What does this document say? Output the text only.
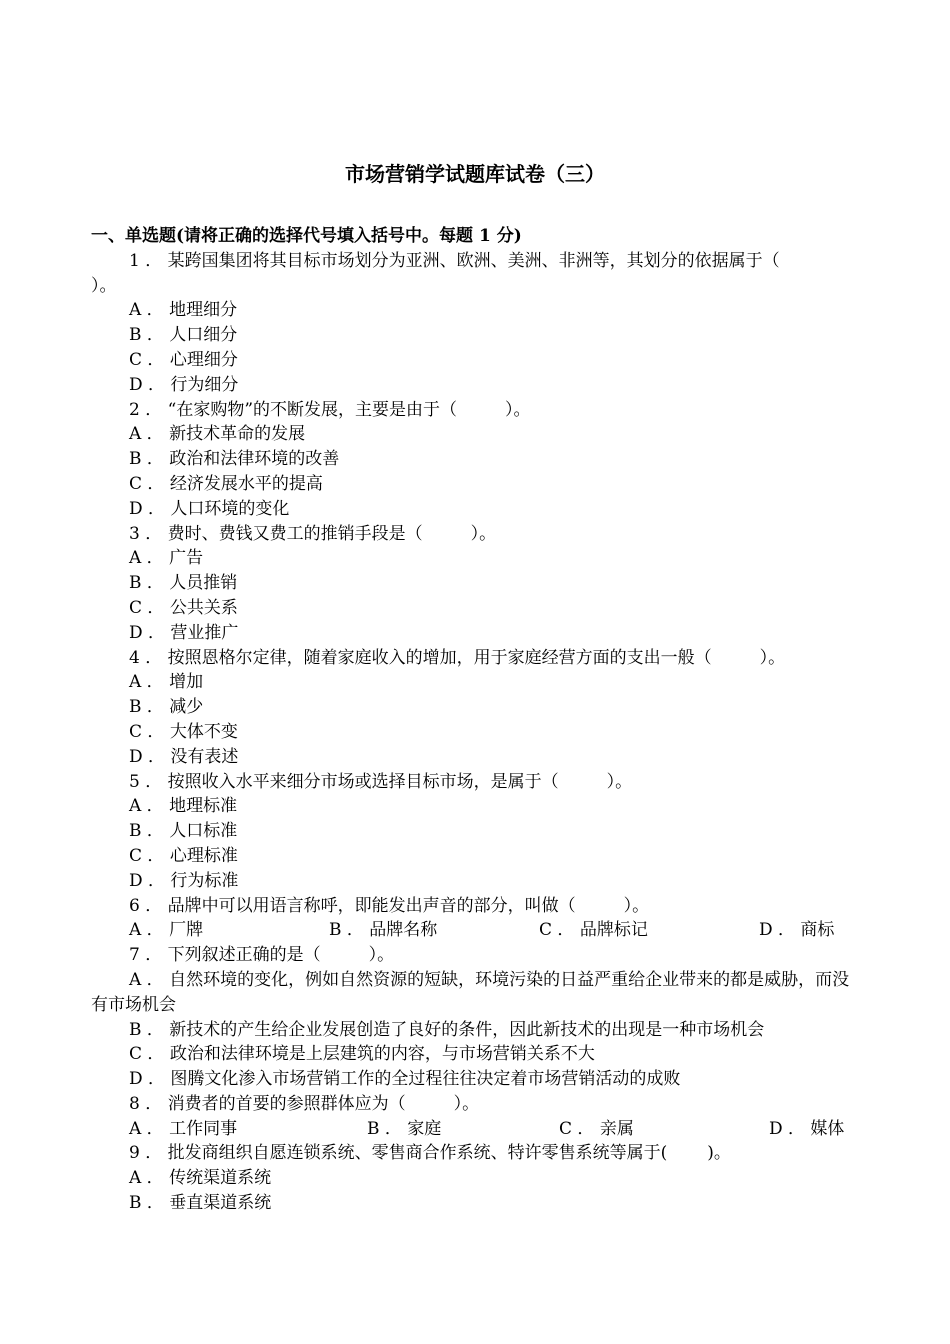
市场营销学试题库试卷（三）
一、单选题(请将正确的选择代号填入括号中。每题 1 分)
1 ． 某跨国集团将其目标市场划分为亚洲、欧洲、美洲、非洲等，其划分的依据属于（
）。
A ． 地理细分
B ． 人口细分
C ． 心理细分
D ． 行为细分
2 ． “在家购物”的不断发展，主要是由于（	）。
A ． 新技术革命的发展
B ． 政治和法律环境的改善
C ． 经济发展水平的提高
D ． 人口环境的变化
3 ． 费时、费钱又费工的推销手段是（	）。
A ． 广告
B ． 人员推销
C ． 公共关系
D ． 营业推广
4 ． 按照恩格尔定律，随着家庭收入的增加，用于家庭经营方面的支出一般（	）。
A ． 增加
B ． 减少
C ． 大体不变
D ． 没有表述
5 ． 按照收入水平来细分市场或选择目标市场，是属于（	）。
A ． 地理标准
B ． 人口标准
C ． 心理标准
D ． 行为标准
6 ． 品牌中可以用语言称呼，即能发出声音的部分，叫做（	）。
A ． 厂牌	B ． 品牌名称	C ． 品牌标记	D ． 商标
7 ． 下列叙述正确的是（	）。
A ． 自然环境的变化，例如自然资源的短缺，环境污染的日益严重给企业带来的都是威胁，而没有市场机会
B ． 新技术的产生给企业发展创造了良好的条件，因此新技术的出现是一种市场机会
C ． 政治和法律环境是上层建筑的内容，与市场营销关系不大
D ． 图腾文化渗入市场营销工作的全过程往往决定着市场营销活动的成败
8 ． 消费者的首要的参照群体应为（	）。
A ． 工作同事	B ． 家庭	C ． 亲属	D ． 媒体
9 ． 批发商组织自愿连锁系统、零售商合作系统、特许零售系统等属于( )。
A ． 传统渠道系统
B ． 垂直渠道系统
